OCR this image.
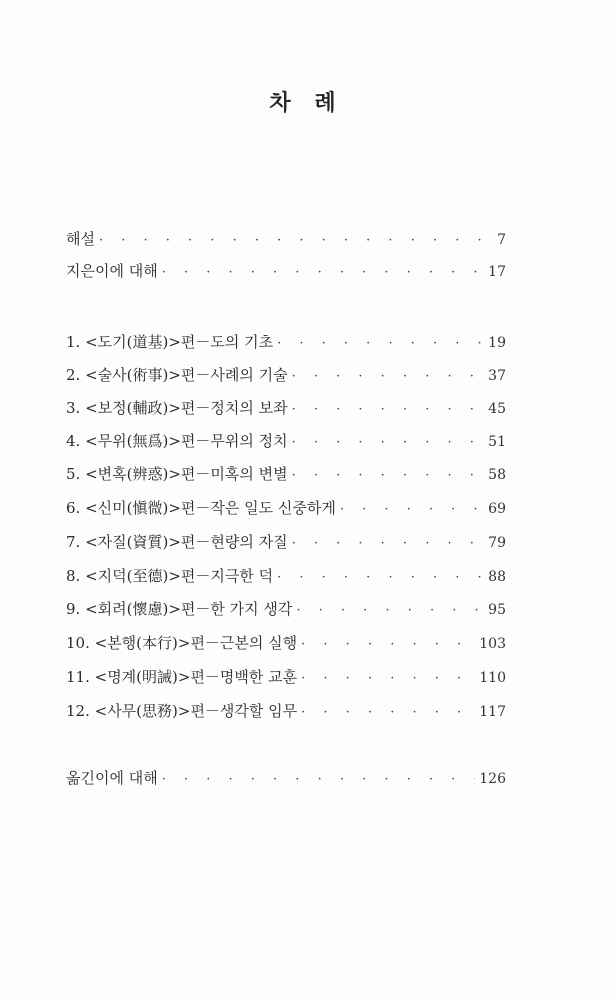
차 례
해설 · · ·	7
지은이에 대해 · · ·	17
1. <도기(道基)>편－도의 기초 · · ·	19
2. <술사(術事)>편－사례의 기술 · · ·	37
3. <보정(輔政)>편－정치의 보좌 · · ·	45
4. <무위(無爲)>편－무위의 정치 · · ·	51
5. <변혹(辨惑)>편－미혹의 변별 · · ·	58
6. <신미(愼微)>편－작은 일도 신중하게 · · ·	69
7. <자질(資質)>편－현량의 자질 · · ·	79
8. <지덕(至德)>편－지극한 덕 · · ·	88
9. <회려(懷慮)>편－한 가지 생각 · · ·	95
10. <본행(本行)>편－근본의 실행 · · ·	103
11. <명계(明誡)>편－명백한 교훈 · · ·	110
12. <사무(思務)>편－생각할 임무 · · ·	117
옮긴이에 대해 · · ·	126
